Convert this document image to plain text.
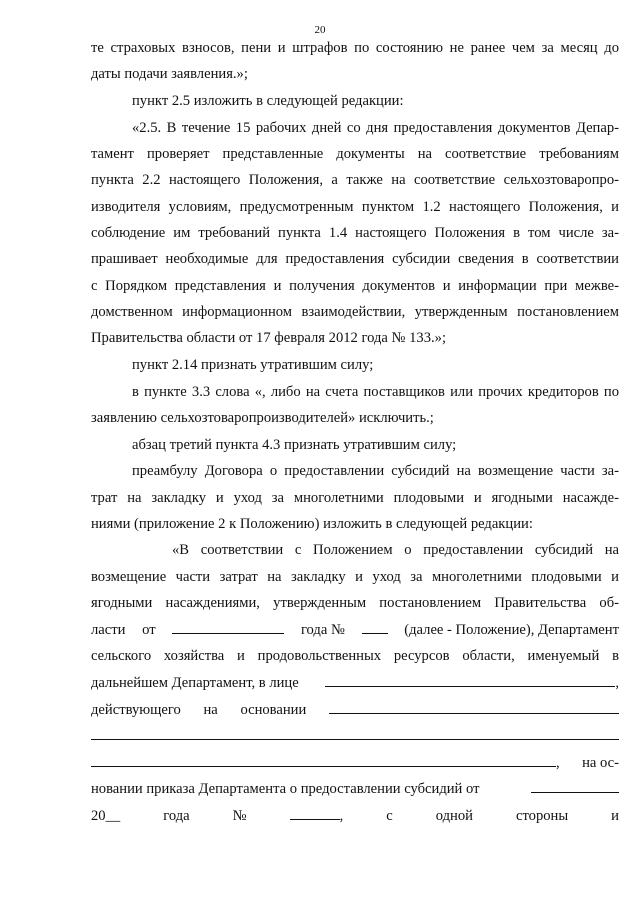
20
те страховых взносов, пени и штрафов по состоянию не ранее чем за месяц до
даты подачи заявления.»;
пункт 2.5 изложить в следующей редакции:
«2.5. В течение 15 рабочих дней со дня предоставления документов Депар-
тамент проверяет представленные документы на соответствие требованиям
пункта 2.2 настоящего Положения, а также на соответствие сельхозтоваропро-
изводителя условиям, предусмотренным пунктом 1.2 настоящего Положения, и
соблюдение им требований пункта 1.4 настоящего Положения в том числе за-
прашивает необходимые для предоставления субсидии сведения в соответствии
с Порядком представления и получения документов и информации при межве-
домственном информационном взаимодействии, утвержденным постановлением
Правительства области от 17 февраля 2012 года № 133.»;
пункт 2.14 признать утратившим силу;
в пункте 3.3 слова «, либо на счета поставщиков или прочих кредиторов по
заявлению сельхозтоваропроизводителей» исключить.;
абзац третий пункта 4.3 признать утратившим силу;
преамбулу Договора о предоставлении субсидий на возмещение части за-
трат на закладку и уход за многолетними плодовыми и ягодными насажде-
ниями (приложение 2 к Положению) изложить в следующей редакции:
«В соответствии с Положением о предоставлении субсидий на
возмещение части затрат на закладку и уход за многолетними плодовыми и
ягодными насаждениями, утвержденным постановлением Правительства об-
ласти от	года №	(далее - Положение), Департамент
сельского хозяйства и продовольственных ресурсов области, именуемый в
дальнейшем Департамент, в лице	,
действующего на основании
, на ос-
новании приказа Департамента о предоставлении субсидий от
20__	года	№	,	с	одной	стороны	и
